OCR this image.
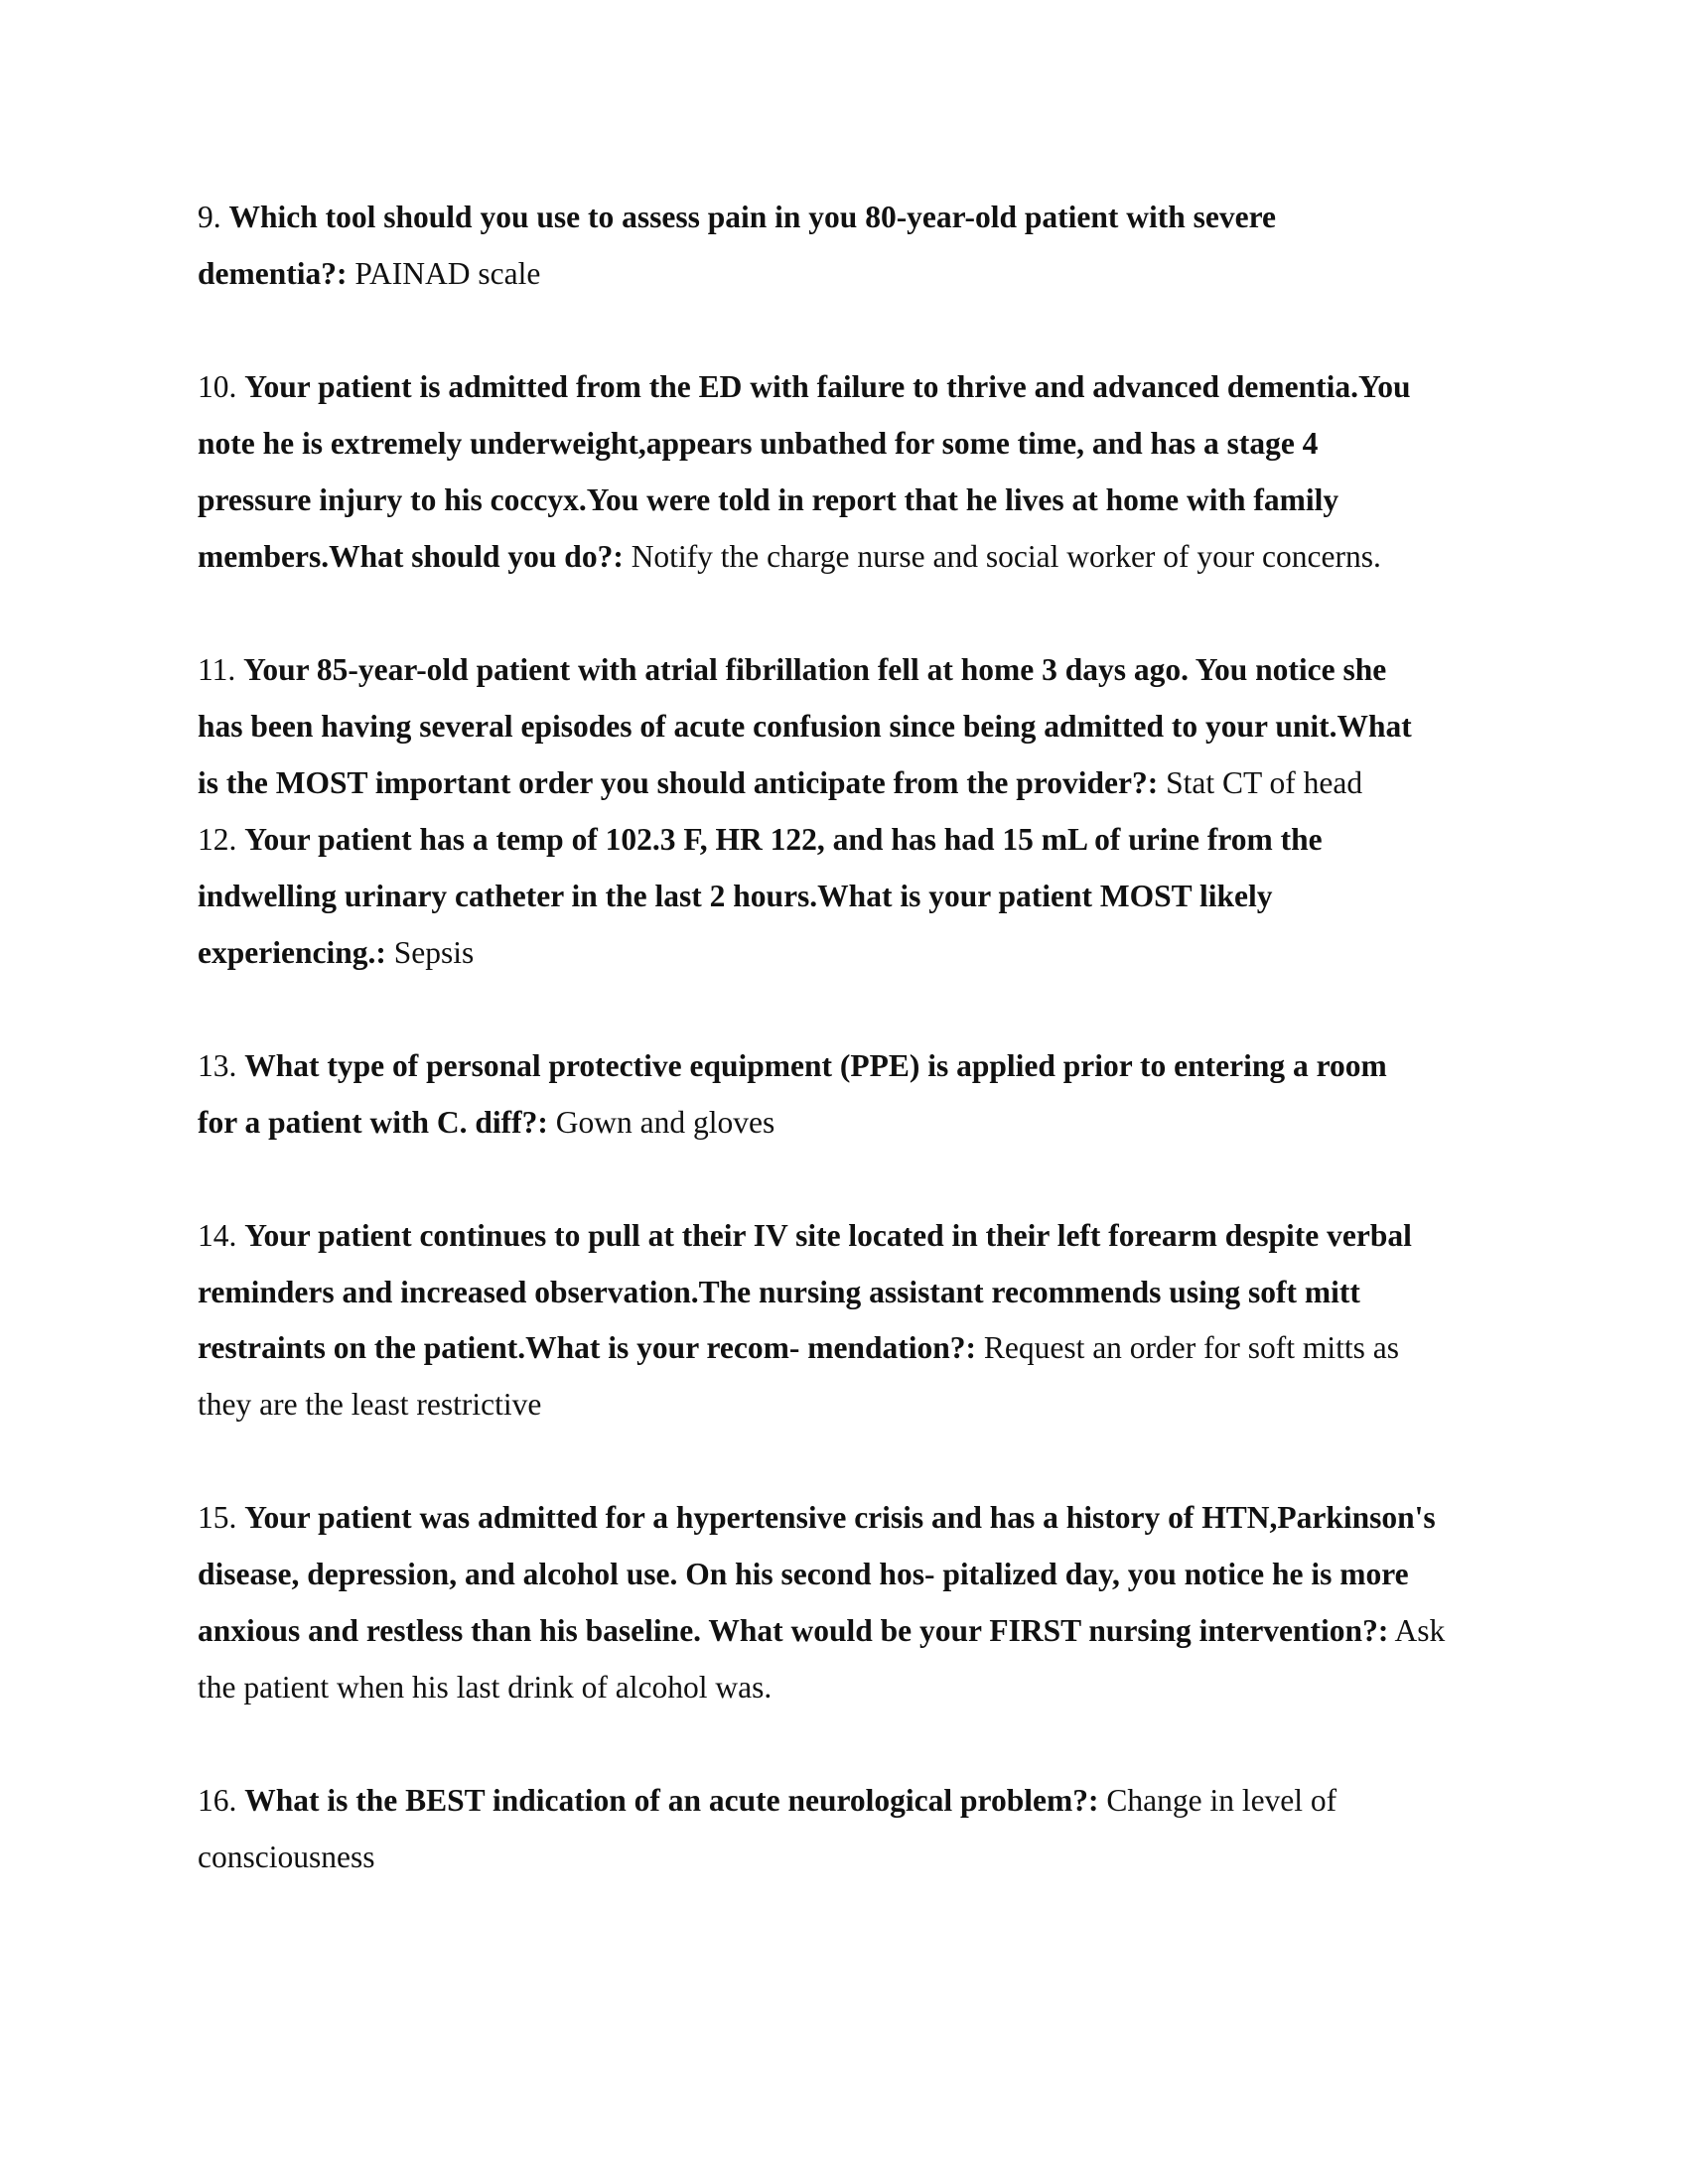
9. Which tool should you use to assess pain in you 80-year-old patient with severe
dementia?: PAINAD scale
10. Your patient is admitted from the ED with failure to thrive and advanced dementia.You
note he is extremely underweight,appears unbathed for some time, and has a stage 4
pressure injury to his coccyx.You were told in report that he lives at home with family
members.What should you do?: Notify the charge nurse and social worker of your concerns.
11. Your 85-year-old patient with atrial fibrillation fell at home 3 days ago. You notice she
has been having several episodes of acute confusion since being admitted to your unit.What
is the MOST important order you should anticipate from the provider?: Stat CT of head
12. Your patient has a temp of 102.3 F, HR 122, and has had 15 mL of urine from the
indwelling urinary catheter in the last 2 hours.What is your patient MOST likely
experiencing.: Sepsis
13. What type of personal protective equipment (PPE) is applied prior to entering a room
for a patient with C. diff?: Gown and gloves
14. Your patient continues to pull at their IV site located in their left forearm despite verbal
reminders and increased observation.The nursing assistant recommends using soft mitt
restraints on the patient.What is your recom- mendation?: Request an order for soft mitts as
they are the least restrictive
15. Your patient was admitted for a hypertensive crisis and has a history of HTN,Parkinson's
disease, depression, and alcohol use. On his second hos- pitalized day, you notice he is more
anxious and restless than his baseline. What would be your FIRST nursing intervention?: Ask
the patient when his last drink of alcohol was.
16. What is the BEST indication of an acute neurological problem?: Change in level of
consciousness
